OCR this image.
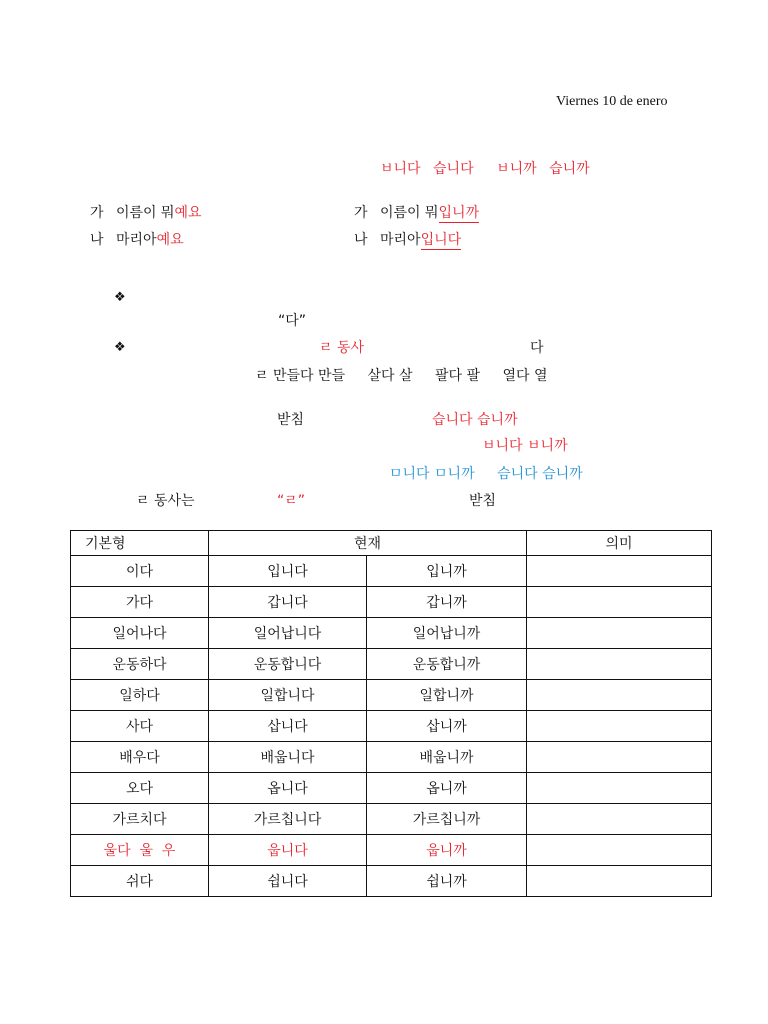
Viernes 10 de enero
ㅂ니다 습니다 ㅂ니까 습니까
가 이름이 뭐예요
나 마리아예요
가 이름이 뭐입니까
나 마리아입니다
❖
“다”
❖	ㄹ 동사	다
ㄹ 만들다 만들 살다 살 팔다 팔 열다 열
받침	습니다 습니까
ㅂ니다 ㅂ니까
ㅁ니다 ㅁ니까 슴니다 슴니까
ㄹ 동사는	“ㄹ”	받침
기본형	현재		의미
이다	입니다	입니까	
가다	갑니다	갑니까	
일어나다	일어납니다	일어납니까	
운동하다	운동합니다	운동합니까	
일하다	일합니다	일합니까	
사다	삽니다	삽니까	
배우다	배웁니다	배웁니까	
오다	옵니다	옵니까	
가르치다	가르칩니다	가르칩니까	
울다  울  우	웁니다	웁니까	
쉬다	쉽니다	쉽니까	
